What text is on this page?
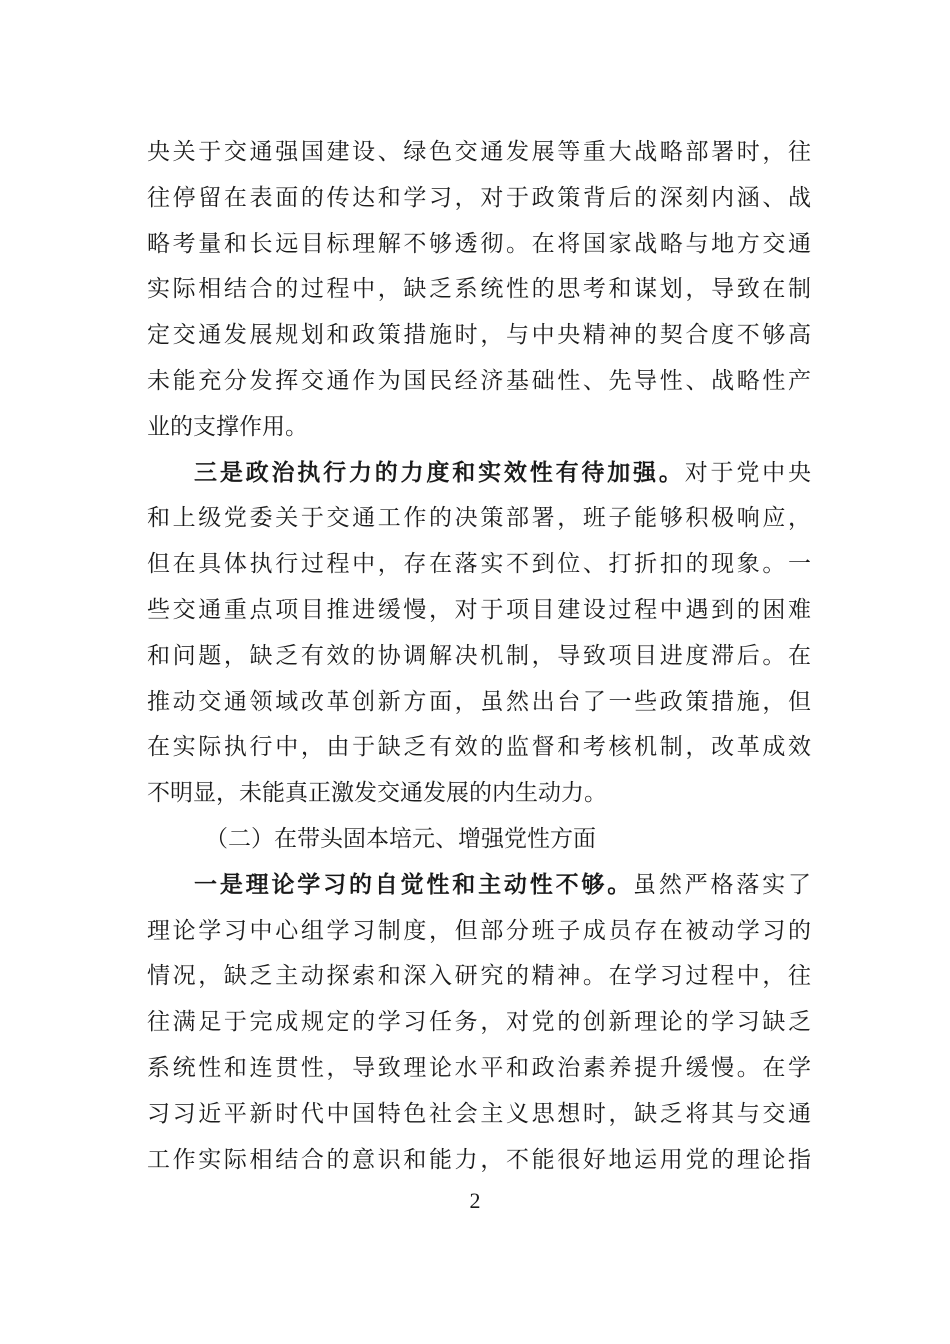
央关于交通强国建设、绿色交通发展等重大战略部署时，往
往停留在表面的传达和学习，对于政策背后的深刻内涵、战
略考量和长远目标理解不够透彻。在将国家战略与地方交通
实际相结合的过程中，缺乏系统性的思考和谋划，导致在制
定交通发展规划和政策措施时，与中央精神的契合度不够高
未能充分发挥交通作为国民经济基础性、先导性、战略性产
业的支撑作用。
三是政治执行力的力度和实效性有待加强。对于党中央
和上级党委关于交通工作的决策部署，班子能够积极响应，
但在具体执行过程中，存在落实不到位、打折扣的现象。一
些交通重点项目推进缓慢，对于项目建设过程中遇到的困难
和问题，缺乏有效的协调解决机制，导致项目进度滞后。在
推动交通领域改革创新方面，虽然出台了一些政策措施，但
在实际执行中，由于缺乏有效的监督和考核机制，改革成效
不明显，未能真正激发交通发展的内生动力。
（二）在带头固本培元、增强党性方面
一是理论学习的自觉性和主动性不够。虽然严格落实了
理论学习中心组学习制度，但部分班子成员存在被动学习的
情况，缺乏主动探索和深入研究的精神。在学习过程中，往
往满足于完成规定的学习任务，对党的创新理论的学习缺乏
系统性和连贯性，导致理论水平和政治素养提升缓慢。在学
习习近平新时代中国特色社会主义思想时，缺乏将其与交通
工作实际相结合的意识和能力，不能很好地运用党的理论指
2
